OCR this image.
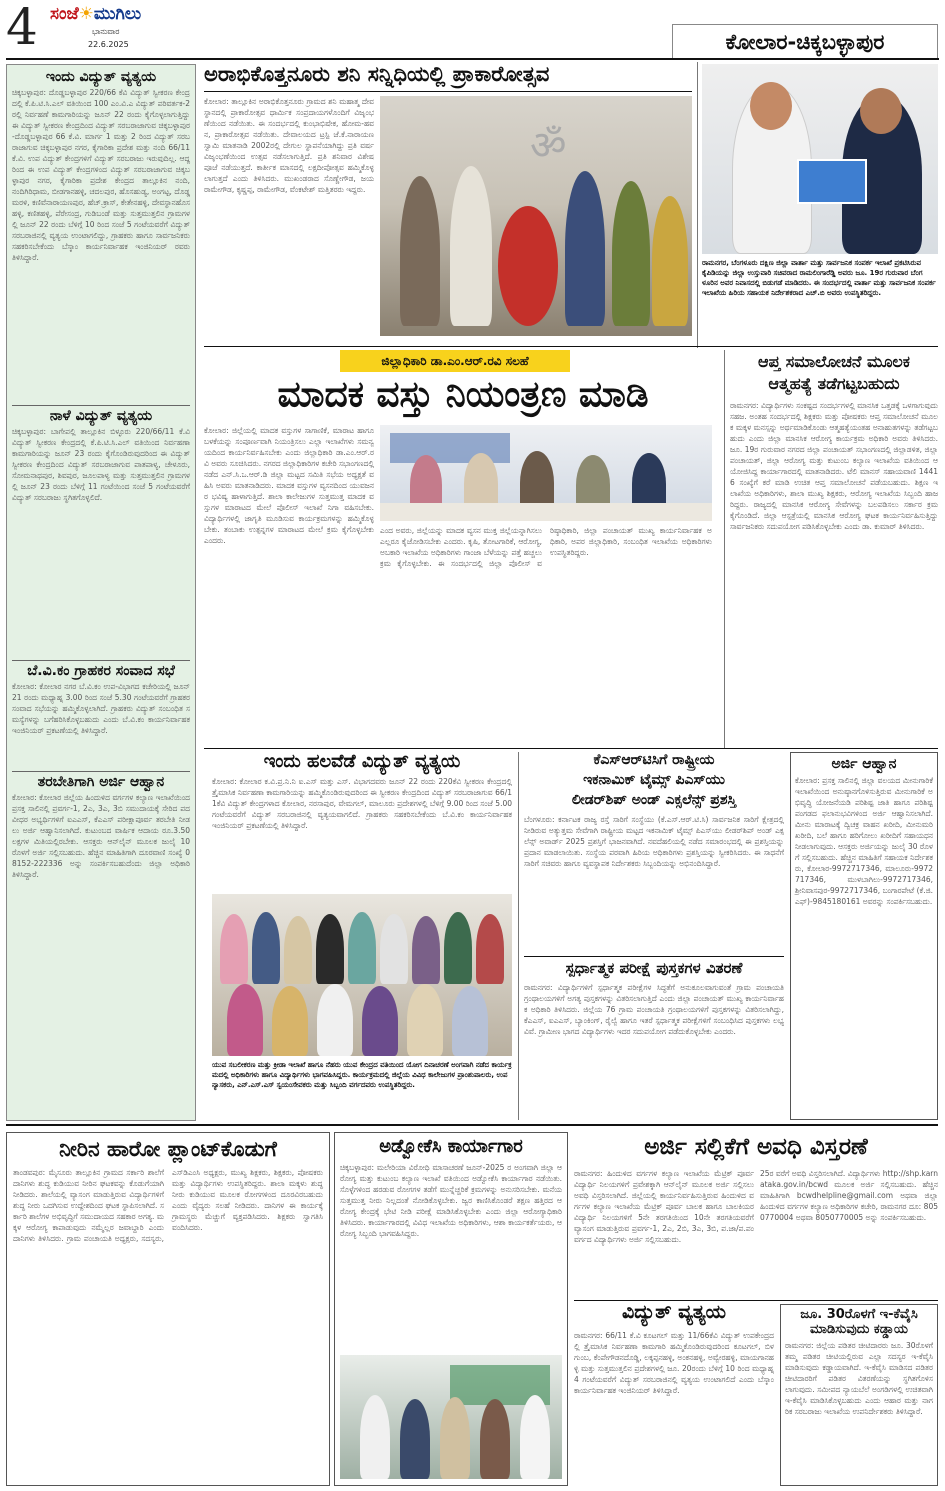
4 ಸಂಜೆ☀ಮುಗಿಲು
ಭಾನುವಾರ
22.6.2025	ಕೋಲಾರ-ಚಿಕ್ಕಬಳ್ಳಾಪುರ
ಇಂದು ವಿದ್ಯುತ್ ವ್ಯತ್ಯಯ
ಚಿಕ್ಕಬಳ್ಳಾಪುರ: ದೊಡ್ಡಬಳ್ಳಾಪುರ 220/66 ಕೆವಿ ವಿದ್ಯುತ್ ಸ್ವೀಕರಣ ಕೇಂದ್ರದಲ್ಲಿ ಕೆ.ಪಿ.ಟಿ.ಸಿ.ಎಲ್ ವತಿಯಿಂದ 100 ಎಂ.ವಿ.ಎ ವಿದ್ಯುತ್ ಪರಿವರ್ತಕ-2 ರಲ್ಲಿ ನಿರ್ವಹಣೆ ಕಾಮಗಾರಿಯನ್ನು ಜೂನ್ 22 ರಂದು ಕೈಗೊಳ್ಳಲಾಗುತ್ತಿದ್ದು ಈ ವಿದ್ಯುತ್ ಸ್ವೀಕರಣ ಕೇಂದ್ರದಿಂದ ವಿದ್ಯುತ್ ಸರಬರಾಜಾಗುವ ಚಿಕ್ಕಬಳ್ಳಾಪುರ-ದೊಡ್ಡಬಳ್ಳಾಪುರ 66 ಕೆ.ವಿ. ಮಾರ್ಗ 1 ಮತ್ತು 2 ರಿಂದ ವಿದ್ಯುತ್ ಸರಬರಾಜಾಗುವ ಚಿಕ್ಕಬಳ್ಳಾಪುರ ನಗರ, ಕೈಗಾರಿಕಾ ಪ್ರದೇಶ ಮತ್ತು ನಂದಿ 66/11 ಕೆ.ವಿ. ಉಪ ವಿದ್ಯುತ್ ಕೇಂದ್ರಗಳಿಗೆ ವಿದ್ಯುತ್ ಸರಬರಾಜು ಇರುವುದಿಲ್ಲ. ಆದ್ದರಿಂದ ಈ ಉಪ ವಿದ್ಯುತ್ ಕೇಂದ್ರಗಳಿಂದ ವಿದ್ಯುತ್ ಸರಬರಾಜಾಗುವ ಚಿಕ್ಕಬಳ್ಳಾಪುರ ನಗರ, ಕೈಗಾರಿಕಾ ಪ್ರದೇಶ ಕೇಂದ್ರದ ತಾಲ್ಲೂಕಿನ ನಂದಿ, ನಂದಿಗಿರಿಧಾಮ, ಬೀಡಗಾನಹಳ್ಳಿ, ಚದಲಪುರ, ಹೊಸಹುಡ್ಯ, ಅಂಗಟ್ಟ, ದೊಡ್ಡಮರಳಿ, ಕಣಿವೆನಾರಾಯಣಪುರ, ಹೆಚ್.ಕ್ರಾಸ್, ಕೇತೇನಹಳ್ಳಿ, ದೇವಸ್ಥಾನಹೊಸಹಳ್ಳಿ, ಕಣಿತಹಳ್ಳಿ, ಪೆರೇಸಂದ್ರ, ಗುಡಿಬಂಡೆ ಮತ್ತು ಸುತ್ತಮುತ್ತಲಿನ ಗ್ರಾಮಗಳಲ್ಲಿ ಜೂನ್ 22 ರಂದು ಬೆಳಿಗ್ಗೆ 10 ರಿಂದ ಸಂಜೆ 5 ಗಂಟೆಯವರೆಗೆ ವಿದ್ಯುತ್ ಸರಬರಾಜಿನಲ್ಲಿ ವ್ಯತ್ಯಯ ಉಂಟಾಗಲಿದ್ದು, ಗ್ರಾಹಕರು ಹಾಗೂ ಸಾರ್ವಜನಿಕರು ಸಹಕರಿಸಬೇಕೆಂದು ಬೆಸ್ಕಾಂ ಕಾರ್ಯನಿರ್ವಾಹಕ ಇಂಜಿನಿಯರ್ ರವರು ತಿಳಿಸಿದ್ದಾರೆ.
ನಾಳೆ ವಿದ್ಯುತ್ ವ್ಯತ್ಯಯ
ಚಿಕ್ಕಬಳ್ಳಾಪುರ: ಬಾಗೇಪಲ್ಲಿ ತಾಲ್ಲೂಕಿನ ಬಿಳ್ಳೂರು 220/66/11 ಕೆ.ವಿ ವಿದ್ಯುತ್ ಸ್ವೀಕರಣ ಕೇಂದ್ರದಲ್ಲಿ ಕೆ.ಪಿ.ಟಿ.ಸಿ.ಎಲ್ ವತಿಯಿಂದ ನಿರ್ವಹಣಾ ಕಾಮಗಾರಿಯನ್ನು ಜೂನ್ 23 ರಂದು ಕೈಗೊಂಡಿರುವುದರಿಂದ ಈ ವಿದ್ಯುತ್ ಸ್ವೀಕರಣ ಕೇಂದ್ರದಿಂದ ವಿದ್ಯುತ್ ಸರಬರಾಜಾಗುವ ಪಾತಪಾಳ್ಯ, ಚೇಳೂರು, ಸೋಮನಾಥಪುರ, ಶಿವಪುರ, ಜೂಲಪಾಳ್ಯ ಮತ್ತು ಸುತ್ತಮುತ್ತಲಿನ ಗ್ರಾಮಗಳಲ್ಲಿ ಜೂನ್ 23 ರಂದು ಬೆಳಿಗ್ಗೆ 11 ಗಂಟೆಯಿಂದ ಸಂಜೆ 5 ಗಂಟೆಯವರೆಗೆ ವಿದ್ಯುತ್ ಸರಬರಾಜು ಸ್ಥಗಿತಗೊಳ್ಳಲಿದೆ.
ಬೆ.ವಿ.ಕಂ ಗ್ರಾಹಕರ ಸಂವಾದ ಸಭೆ
ಕೋಲಾರ: ಕೋಲಾರ ನಗರ ಬೆ.ವಿ.ಕಂ ಉಪ-ವಿಭಾಗದ ಕಚೇರಿಯಲ್ಲಿ ಜೂನ್ 21 ರಂದು ಮಧ್ಯಾಹ್ನ 3.00 ರಿಂದ ಸಂಜೆ 5.30 ಗಂಟೆಯವರೆಗೆ ಗ್ರಾಹಕರ ಸಂವಾದ ಸಭೆಯನ್ನು ಹಮ್ಮಿಕೊಳ್ಳಲಾಗಿದೆ. ಗ್ರಾಹಕರು ವಿದ್ಯುತ್ ಸಂಬಂಧಿತ ಸಮಸ್ಯೆಗಳನ್ನು ಬಗೆಹರಿಸಿಕೊಳ್ಳಬಹುದು ಎಂದು ಬೆ.ವಿ.ಕಂ ಕಾರ್ಯನಿರ್ವಾಹಕ ಇಂಜಿನಿಯರ್ ಪ್ರಕಟಣೆಯಲ್ಲಿ ತಿಳಿಸಿದ್ದಾರೆ.
ತರಬೇತಿಗಾಗಿ ಅರ್ಜಿ ಆಹ್ವಾನ
ಕೋಲಾರ: ಕೋಲಾರ ಜಿಲ್ಲೆಯ ಹಿಂದುಳಿದ ವರ್ಗಗಳ ಕಲ್ಯಾಣ ಇಲಾಖೆಯಿಂದ ಪ್ರಸಕ್ತ ಸಾಲಿನಲ್ಲಿ ಪ್ರವರ್ಗ-1, 2ಎ, 3ಎ, 3ಬಿ ಸಮುದಾಯಕ್ಕೆ ಸೇರಿದ ಪದವೀಧರ ಅಭ್ಯರ್ಥಿಗಳಿಗೆ ಐಎಎಸ್, ಕೆಎಎಸ್ ಪರೀಕ್ಷಾಪೂರ್ವ ತರಬೇತಿ ನೀಡಲು ಅರ್ಜಿ ಆಹ್ವಾನಿಸಲಾಗಿದೆ. ಕುಟುಂಬದ ವಾರ್ಷಿಕ ಆದಾಯ ರೂ.3.50 ಲಕ್ಷಗಳ ಮಿತಿಯಲ್ಲಿರಬೇಕು. ಆಸಕ್ತರು ಆನ್‌ಲೈನ್ ಮೂಲಕ ಜುಲೈ 10 ರೊಳಗೆ ಅರ್ಜಿ ಸಲ್ಲಿಸಬಹುದು. ಹೆಚ್ಚಿನ ಮಾಹಿತಿಗಾಗಿ ದೂರವಾಣಿ ಸಂಖ್ಯೆ 08152-222336 ಅನ್ನು ಸಂಪರ್ಕಿಸಬಹುದೆಂದು ಜಿಲ್ಲಾ ಅಧಿಕಾರಿ ತಿಳಿಸಿದ್ದಾರೆ.
ಅರಾಭಿಕೊತ್ತನೂರು ಶನಿ ಸನ್ನಿಧಿಯಲ್ಲಿ ಪ್ರಾಕಾರೋತ್ಸವ
ಕೋಲಾರ: ತಾಲ್ಲೂಕಿನ ಅರಾಭಿಕೊತ್ತನೂರು ಗ್ರಾಮದ ಶನಿ ಮಹಾತ್ಮ ದೇವಸ್ಥಾನದಲ್ಲಿ ಪ್ರಾಕಾರೋತ್ಸವ ಧಾರ್ಮಿಕ ಸಂಪ್ರದಾಯಗಳೊಂದಿಗೆ ವಿಜೃಂಭಣೆಯಿಂದ ನಡೆಯಿತು. ಈ ಸಂದರ್ಭದಲ್ಲಿ ಕುಂಭಾಭಿಷೇಕ, ಹೋಮ-ಹವನ, ಪ್ರಾಕಾರೋತ್ಸವ ನಡೆಯಿತು. ದೇವಾಲಯದ ಟ್ರಸ್ಟಿ ಜೆ.ಕೆ.ನಾರಾಯಣಸ್ವಾಮಿ ಮಾತನಾಡಿ 2002ರಲ್ಲಿ ದೇಗುಲ ಸ್ಥಾಪನೆಯಾಗಿದ್ದು ಪ್ರತಿ ವರ್ಷ ವಿಜೃಂಭಣೆಯಿಂದ ಉತ್ಸವ ನಡೆಸಲಾಗುತ್ತಿದೆ. ಪ್ರತಿ ಶನಿವಾರ ವಿಶೇಷ ಪೂಜೆ ನಡೆಯುತ್ತದೆ. ಕಾರ್ತೀಕ ಮಾಸದಲ್ಲಿ ಲಕ್ಷದೀಪೋತ್ಸವ ಹಮ್ಮಿಕೊಳ್ಳಲಾಗುತ್ತದೆ ಎಂದು ತಿಳಿಸಿದರು. ಮುಖಂಡರಾದ ಸೊಣ್ಣೇಗೌಡ, ಜಯರಾಮೇಗೌಡ, ಕೃಷ್ಣಪ್ಪ, ರಾಮೇಗೌಡ, ವೆಂಕಟೇಶ್ ಮತ್ತಿತರರು ಇದ್ದರು.
ॐ
ರಾಮನಗರ, ಬೆಂಗಳೂರು ದಕ್ಷಿಣ ಜಿಲ್ಲಾ ವಾರ್ತಾ ಮತ್ತು ಸಾರ್ವಜನಿಕ ಸಂಪರ್ಕ ಇಲಾಖೆ ಪ್ರಕಟಿಸಿರುವ ಕೈಪಿಡಿಯನ್ನು ಜಿಲ್ಲಾ ಉಸ್ತುವಾರಿ ಸಚಿವರಾದ ರಾಮಲಿಂಗಾರೆಡ್ಡಿ ಅವರು ಜೂ. 19ರ ಗುರುವಾರ ಬೆಂಗಳೂರಿನ ಅವರ ನಿವಾಸದಲ್ಲಿ ಬಿಡುಗಡೆ ಮಾಡಿದರು. ಈ ಸಂದರ್ಭದಲ್ಲಿ ವಾರ್ತಾ ಮತ್ತು ಸಾರ್ವಜನಿಕ ಸಂಪರ್ಕ ಇಲಾಖೆಯ ಹಿರಿಯ ಸಹಾಯಕ ನಿರ್ದೇಶಕರಾದ ಎಚ್.ಬಿ ಅವರು ಉಪಸ್ಥಿತರಿದ್ದರು.
ಜಿಲ್ಲಾಧಿಕಾರಿ ಡಾ.ಎಂ.ಆರ್.ರವಿ ಸಲಹೆ
ಮಾದಕ ವಸ್ತು ನಿಯಂತ್ರಣ ಮಾಡಿ
ಕೋಲಾರ: ಜಿಲ್ಲೆಯಲ್ಲಿ ಮಾದಕ ವಸ್ತುಗಳ ಸಾಗಾಣಿಕೆ, ಮಾರಾಟ ಹಾಗೂ ಬಳಕೆಯನ್ನು ಸಂಪೂರ್ಣವಾಗಿ ನಿಯಂತ್ರಿಸಲು ಎಲ್ಲಾ ಇಲಾಖೆಗಳು ಸಮನ್ವಯದಿಂದ ಕಾರ್ಯನಿರ್ವಹಿಸಬೇಕು ಎಂದು ಜಿಲ್ಲಾಧಿಕಾರಿ ಡಾ.ಎಂ.ಆರ್.ರವಿ ಅವರು ಸೂಚಿಸಿದರು. ನಗರದ ಜಿಲ್ಲಾಧಿಕಾರಿಗಳ ಕಚೇರಿ ಸಭಾಂಗಣದಲ್ಲಿ ನಡೆದ ಎನ್.ಸಿ.ಒ.ಆರ್.ಡಿ ಜಿಲ್ಲಾ ಮಟ್ಟದ ಸಮಿತಿ ಸಭೆಯ ಅಧ್ಯಕ್ಷತೆ ವಹಿಸಿ ಅವರು ಮಾತನಾಡಿದರು. ಮಾದಕ ವಸ್ತುಗಳ ವ್ಯಸನದಿಂದ ಯುವಜನರ ಭವಿಷ್ಯ ಹಾಳಾಗುತ್ತಿದೆ. ಶಾಲಾ ಕಾಲೇಜುಗಳ ಸುತ್ತಮುತ್ತ ಮಾದಕ ವಸ್ತುಗಳ ಮಾರಾಟದ ಮೇಲೆ ಪೊಲೀಸ್ ಇಲಾಖೆ ನಿಗಾ ವಹಿಸಬೇಕು. ವಿದ್ಯಾರ್ಥಿಗಳಲ್ಲಿ ಜಾಗೃತಿ ಮೂಡಿಸುವ ಕಾರ್ಯಕ್ರಮಗಳನ್ನು ಹಮ್ಮಿಕೊಳ್ಳಬೇಕು. ತಂಬಾಕು ಉತ್ಪನ್ನಗಳ ಮಾರಾಟದ ಮೇಲೆ ಕ್ರಮ ಕೈಗೊಳ್ಳಬೇಕು ಎಂದರು.
ಎಂದ ಅವರು, ಜಿಲ್ಲೆಯನ್ನು ಮಾದಕ ವ್ಯಸನ ಮುಕ್ತ ಜಿಲ್ಲೆಯನ್ನಾಗಿಸಲು ಎಲ್ಲರೂ ಕೈಜೋಡಿಸಬೇಕು ಎಂದರು. ಕೃಷಿ, ತೋಟಗಾರಿಕೆ, ಆರೋಗ್ಯ, ಅಬಕಾರಿ ಇಲಾಖೆಯ ಅಧಿಕಾರಿಗಳು ಗಾಂಜಾ ಬೆಳೆಯನ್ನು ಪತ್ತೆ ಹಚ್ಚಲು ಕ್ರಮ ಕೈಗೊಳ್ಳಬೇಕು. ಈ ಸಂದರ್ಭದಲ್ಲಿ ಜಿಲ್ಲಾ ಪೊಲೀಸ್ ವರಿಷ್ಠಾಧಿಕಾರಿ, ಜಿಲ್ಲಾ ಪಂಚಾಯತ್ ಮುಖ್ಯ ಕಾರ್ಯನಿರ್ವಾಹಕ ಅಧಿಕಾರಿ, ಅಪರ ಜಿಲ್ಲಾಧಿಕಾರಿ, ಸಂಬಂಧಿತ ಇಲಾಖೆಯ ಅಧಿಕಾರಿಗಳು ಉಪಸ್ಥಿತರಿದ್ದರು.
ಆಪ್ತ ಸಮಾಲೋಚನೆ ಮೂಲಕ
ಆತ್ಮಹತ್ಯೆ ತಡೆಗಟ್ಟಬಹುದು
ರಾಮನಗರ: ವಿದ್ಯಾರ್ಥಿಗಳು ಸಂಕಷ್ಟದ ಸಂದರ್ಭಗಳಲ್ಲಿ ಮಾನಸಿಕ ಒತ್ತಡಕ್ಕೆ ಒಳಗಾಗುವುದು ಸಹಜ. ಅಂತಹ ಸಂದರ್ಭದಲ್ಲಿ ಶಿಕ್ಷಕರು ಮತ್ತು ಪೋಷಕರು ಆಪ್ತ ಸಮಾಲೋಚನೆ ಮೂಲಕ ಮಕ್ಕಳ ಮನಸ್ಸನ್ನು ಅರ್ಥಮಾಡಿಕೊಂಡು ಆತ್ಮಹತ್ಯೆಯಂತಹ ಅನಾಹುತಗಳನ್ನು ತಡೆಗಟ್ಟಬಹುದು ಎಂದು ಜಿಲ್ಲಾ ಮಾನಸಿಕ ಆರೋಗ್ಯ ಕಾರ್ಯಕ್ರಮ ಅಧಿಕಾರಿ ಅವರು ತಿಳಿಸಿದರು. ಜೂ. 19ರ ಗುರುವಾರ ನಗರದ ಜಿಲ್ಲಾ ಪಂಚಾಯತ್ ಸಭಾಂಗಣದಲ್ಲಿ ಜಿಲ್ಲಾಡಳಿತ, ಜಿಲ್ಲಾ ಪಂಚಾಯತ್, ಜಿಲ್ಲಾ ಆರೋಗ್ಯ ಮತ್ತು ಕುಟುಂಬ ಕಲ್ಯಾಣ ಇಲಾಖೆಯ ವತಿಯಿಂದ ಆಯೋಜಿಸಿದ್ದ ಕಾರ್ಯಾಗಾರದಲ್ಲಿ ಮಾತನಾಡಿದರು. ಟೆಲಿ ಮಾನಸ್ ಸಹಾಯವಾಣಿ 14416 ಸಂಖ್ಯೆಗೆ ಕರೆ ಮಾಡಿ ಉಚಿತ ಆಪ್ತ ಸಮಾಲೋಚನೆ ಪಡೆಯಬಹುದು. ಶಿಕ್ಷಣ ಇಲಾಖೆಯ ಅಧಿಕಾರಿಗಳು, ಶಾಲಾ ಮುಖ್ಯ ಶಿಕ್ಷಕರು, ಆರೋಗ್ಯ ಇಲಾಖೆಯ ಸಿಬ್ಬಂದಿ ಹಾಜರಿದ್ದರು. ರಾಜ್ಯದಲ್ಲಿ ಮಾನಸಿಕ ಆರೋಗ್ಯ ಸೇವೆಗಳನ್ನು ಬಲಪಡಿಸಲು ಸರ್ಕಾರ ಕ್ರಮ ಕೈಗೊಂಡಿದೆ. ಜಿಲ್ಲಾ ಆಸ್ಪತ್ರೆಯಲ್ಲಿ ಮಾನಸಿಕ ಆರೋಗ್ಯ ಘಟಕ ಕಾರ್ಯನಿರ್ವಹಿಸುತ್ತಿದ್ದು ಸಾರ್ವಜನಿಕರು ಸದುಪಯೋಗ ಪಡಿಸಿಕೊಳ್ಳಬೇಕು ಎಂದು ಡಾ. ಕುಮಾರ್ ತಿಳಿಸಿದರು.
ಇಂದು ಹಲವೆಡೆ ವಿದ್ಯುತ್ ವ್ಯತ್ಯಯ
ಕೋಲಾರ: ಕೋಲಾರ ಕ.ವಿ.ಪ್ರ.ನಿ.ನಿ ಐ.ಎಸ್ ಮತ್ತು ಎಸ್. ವಿಭಾಗದವರು ಜೂನ್ 22 ರಂದು 220ಕೆವಿ ಸ್ವೀಕರಣ ಕೇಂದ್ರದಲ್ಲಿ ತ್ರೈಮಾಸಿಕ ನಿರ್ವಹಣಾ ಕಾಮಗಾರಿಯನ್ನು ಹಮ್ಮಿಕೊಂಡಿರುವುದರಿಂದ ಈ ಸ್ವೀಕರಣ ಕೇಂದ್ರದಿಂದ ವಿದ್ಯುತ್ ಸರಬರಾಜಾಗುವ 66/11ಕೆವಿ ವಿದ್ಯುತ್ ಕೇಂದ್ರಗಳಾದ ಕೋಲಾರ, ನರಸಾಪುರ, ವೇಮಗಲ್, ಮಾಲೂರು ಪ್ರದೇಶಗಳಲ್ಲಿ ಬೆಳಿಗ್ಗೆ 9.00 ರಿಂದ ಸಂಜೆ 5.00 ಗಂಟೆಯವರೆಗೆ ವಿದ್ಯುತ್ ಸರಬರಾಜಿನಲ್ಲಿ ವ್ಯತ್ಯಯವಾಗಲಿದೆ. ಗ್ರಾಹಕರು ಸಹಕರಿಸಬೇಕೆಂದು ಬೆ.ವಿ.ಕಂ ಕಾರ್ಯನಿರ್ವಾಹಕ ಇಂಜಿನಿಯರ್ ಪ್ರಕಟಣೆಯಲ್ಲಿ ತಿಳಿಸಿದ್ದಾರೆ.
ಯುವ ಸಬಲೀಕರಣ ಮತ್ತು ಕ್ರೀಡಾ ಇಲಾಖೆ ಹಾಗೂ ನೆಹರು ಯುವ ಕೇಂದ್ರದ ವತಿಯಿಂದ ಯೋಗ ದಿನಾಚರಣೆ ಅಂಗವಾಗಿ ನಡೆದ ಕಾರ್ಯಕ್ರಮದಲ್ಲಿ ಅಧಿಕಾರಿಗಳು ಹಾಗೂ ವಿದ್ಯಾರ್ಥಿಗಳು ಭಾಗವಹಿಸಿದ್ದರು. ಕಾರ್ಯಕ್ರಮದಲ್ಲಿ ಜಿಲ್ಲೆಯ ವಿವಿಧ ಕಾಲೇಜುಗಳ ಪ್ರಾಂಶುಪಾಲರು, ಉಪನ್ಯಾಸಕರು, ಎನ್.ಎಸ್.ಎಸ್ ಸ್ವಯಂಸೇವಕರು ಮತ್ತು ಸಿಬ್ಬಂದಿ ವರ್ಗದವರು ಉಪಸ್ಥಿತರಿದ್ದರು.
ಕೆಎಸ್‌ಆರ್‌ಟಿಸಿಗೆ ರಾಷ್ಟ್ರೀಯ
ಇಕನಾಮಿಕ್ ಟೈಮ್ಸ್ ಪಿಎಸ್‌ಯು
ಲೀಡರ್‌ಶಿಪ್ ಅಂಡ್ ಎಕ್ಸಲೆನ್ಸ್ ಪ್ರಶಸ್ತಿ
ಬೆಂಗಳೂರು: ಕರ್ನಾಟಕ ರಾಜ್ಯ ರಸ್ತೆ ಸಾರಿಗೆ ಸಂಸ್ಥೆಯು (ಕೆ.ಎಸ್.ಆರ್.ಟಿ.ಸಿ) ಸಾರ್ವಜನಿಕ ಸಾರಿಗೆ ಕ್ಷೇತ್ರದಲ್ಲಿ ನೀಡಿರುವ ಅತ್ಯುತ್ತಮ ಸೇವೆಗಾಗಿ ರಾಷ್ಟ್ರೀಯ ಮಟ್ಟದ ಇಕನಾಮಿಕ್ ಟೈಮ್ಸ್ ಪಿಎಸ್‌ಯು ಲೀಡರ್‌ಶಿಪ್ ಅಂಡ್ ಎಕ್ಸಲೆನ್ಸ್ ಅವಾರ್ಡ್ 2025 ಪ್ರಶಸ್ತಿಗೆ ಭಾಜನವಾಗಿದೆ. ನವದೆಹಲಿಯಲ್ಲಿ ನಡೆದ ಸಮಾರಂಭದಲ್ಲಿ ಈ ಪ್ರಶಸ್ತಿಯನ್ನು ಪ್ರದಾನ ಮಾಡಲಾಯಿತು. ಸಂಸ್ಥೆಯ ಪರವಾಗಿ ಹಿರಿಯ ಅಧಿಕಾರಿಗಳು ಪ್ರಶಸ್ತಿಯನ್ನು ಸ್ವೀಕರಿಸಿದರು. ಈ ಸಾಧನೆಗೆ ಸಾರಿಗೆ ಸಚಿವರು ಹಾಗೂ ವ್ಯವಸ್ಥಾಪಕ ನಿರ್ದೇಶಕರು ಸಿಬ್ಬಂದಿಯನ್ನು ಅಭಿನಂದಿಸಿದ್ದಾರೆ.
ಸ್ಪರ್ಧಾತ್ಮಕ ಪರೀಕ್ಷೆ ಪುಸ್ತಕಗಳ ವಿತರಣೆ
ರಾಮನಗರ: ವಿದ್ಯಾರ್ಥಿಗಳಿಗೆ ಸ್ಪರ್ಧಾತ್ಮಕ ಪರೀಕ್ಷೆಗಳ ಸಿದ್ಧತೆಗೆ ಅನುಕೂಲವಾಗುವಂತೆ ಗ್ರಾಮ ಪಂಚಾಯತಿ ಗ್ರಂಥಾಲಯಗಳಿಗೆ ಅಗತ್ಯ ಪುಸ್ತಕಗಳನ್ನು ವಿತರಿಸಲಾಗುತ್ತಿದೆ ಎಂದು ಜಿಲ್ಲಾ ಪಂಚಾಯತ್ ಮುಖ್ಯ ಕಾರ್ಯನಿರ್ವಾಹಕ ಅಧಿಕಾರಿ ತಿಳಿಸಿದರು. ಜಿಲ್ಲೆಯ 76 ಗ್ರಾಮ ಪಂಚಾಯತಿ ಗ್ರಂಥಾಲಯಗಳಿಗೆ ಪುಸ್ತಕಗಳನ್ನು ವಿತರಿಸಲಾಗಿದ್ದು, ಕೆಎಎಸ್, ಐಎಎಸ್, ಬ್ಯಾಂಕಿಂಗ್, ರೈಲ್ವೆ ಹಾಗೂ ಇತರೆ ಸ್ಪರ್ಧಾತ್ಮಕ ಪರೀಕ್ಷೆಗಳಿಗೆ ಸಂಬಂಧಿಸಿದ ಪುಸ್ತಕಗಳು ಲಭ್ಯವಿವೆ. ಗ್ರಾಮೀಣ ಭಾಗದ ವಿದ್ಯಾರ್ಥಿಗಳು ಇದರ ಸದುಪಯೋಗ ಪಡೆದುಕೊಳ್ಳಬೇಕು ಎಂದರು.
ಅರ್ಜಿ ಆಹ್ವಾನ
ಕೋಲಾರ: ಪ್ರಸಕ್ತ ಸಾಲಿನಲ್ಲಿ ಜಿಲ್ಲಾ ವಲಯದ ಮೀನುಗಾರಿಕೆ ಇಲಾಖೆಯಿಂದ ಅನುಷ್ಠಾನಗೊಳಿಸುತ್ತಿರುವ ಮೀನುಗಾರಿಕೆ ಅಭಿವೃದ್ಧಿ ಯೋಜನೆಯಡಿ ಪರಿಶಿಷ್ಟ ಜಾತಿ ಹಾಗೂ ಪರಿಶಿಷ್ಟ ಪಂಗಡದ ಫಲಾನುಭವಿಗಳಿಂದ ಅರ್ಜಿ ಆಹ್ವಾನಿಸಲಾಗಿದೆ. ಮೀನು ಮಾರಾಟಕ್ಕೆ ದ್ವಿಚಕ್ರ ವಾಹನ ಖರೀದಿ, ಮೀನುಮರಿ ಖರೀದಿ, ಬಲೆ ಹಾಗೂ ಹರಿಗೋಲು ಖರೀದಿಗೆ ಸಹಾಯಧನ ನೀಡಲಾಗುವುದು. ಆಸಕ್ತರು ಅರ್ಜಿಯನ್ನು ಜುಲೈ 30 ರೊಳಗೆ ಸಲ್ಲಿಸಬಹುದು. ಹೆಚ್ಚಿನ ಮಾಹಿತಿಗೆ ಸಹಾಯಕ ನಿರ್ದೇಶಕರು, ಕೋಲಾರ-9972717346, ಮಾಲೂರು-9972717346, ಮುಳಬಾಗಿಲು-9972717346, ಶ್ರೀನಿವಾಸಪುರ-9972717346, ಬಂಗಾರಪೇಟೆ (ಕೆ.ಜಿ.ಎಫ್)-9845180161 ಅವರನ್ನು ಸಂಪರ್ಕಿಸಬಹುದು.
ನೀರಿನ ಹಾರೋ ಪ್ಲಾಂಟ್‌ಕೊಡುಗೆ
ತಾಂಡವಪುರ: ಮೈಸೂರು ತಾಲ್ಲೂಕಿನ ಗ್ರಾಮದ ಸರ್ಕಾರಿ ಶಾಲೆಗೆ ದಾನಿಗಳು ಶುದ್ಧ ಕುಡಿಯುವ ನೀರಿನ ಘಟಕವನ್ನು ಕೊಡುಗೆಯಾಗಿ ನೀಡಿದರು. ಶಾಲೆಯಲ್ಲಿ ವ್ಯಾಸಂಗ ಮಾಡುತ್ತಿರುವ ವಿದ್ಯಾರ್ಥಿಗಳಿಗೆ ಶುದ್ಧ ನೀರು ಒದಗಿಸುವ ಉದ್ದೇಶದಿಂದ ಘಟಕ ಸ್ಥಾಪಿಸಲಾಗಿದೆ. ಸರ್ಕಾರಿ ಶಾಲೆಗಳ ಅಭಿವೃದ್ಧಿಗೆ ಸಮುದಾಯದ ಸಹಕಾರ ಅಗತ್ಯ. ಮಕ್ಕಳ ಆರೋಗ್ಯ ಕಾಪಾಡುವುದು ನಮ್ಮೆಲ್ಲರ ಜವಾಬ್ದಾರಿ ಎಂದು ದಾನಿಗಳು ತಿಳಿಸಿದರು. ಗ್ರಾಮ ಪಂಚಾಯತಿ ಅಧ್ಯಕ್ಷರು, ಸದಸ್ಯರು, ಎಸ್‌ಡಿಎಂಸಿ ಅಧ್ಯಕ್ಷರು, ಮುಖ್ಯ ಶಿಕ್ಷಕರು, ಶಿಕ್ಷಕರು, ಪೋಷಕರು ಮತ್ತು ವಿದ್ಯಾರ್ಥಿಗಳು ಉಪಸ್ಥಿತರಿದ್ದರು. ಶಾಲಾ ಮಕ್ಕಳು ಶುದ್ಧ ನೀರು ಕುಡಿಯುವ ಮೂಲಕ ರೋಗಗಳಿಂದ ದೂರವಿರಬಹುದು ಎಂದು ವೈದ್ಯರು ಸಲಹೆ ನೀಡಿದರು. ದಾನಿಗಳ ಈ ಕಾರ್ಯಕ್ಕೆ ಗ್ರಾಮಸ್ಥರು ಮೆಚ್ಚುಗೆ ವ್ಯಕ್ತಪಡಿಸಿದರು. ಶಿಕ್ಷಕರು ಸ್ವಾಗತಿಸಿ ವಂದಿಸಿದರು.
ಅಡ್ವೋಕೆಸಿ ಕಾರ್ಯಾಗಾರ
ಚಿಕ್ಕಬಳ್ಳಾಪುರ: ಮಲೇರಿಯಾ ವಿರೋಧಿ ಮಾಸಾಚರಣೆ ಜೂನ್-2025 ರ ಅಂಗವಾಗಿ ಜಿಲ್ಲಾ ಆರೋಗ್ಯ ಮತ್ತು ಕುಟುಂಬ ಕಲ್ಯಾಣ ಇಲಾಖೆ ವತಿಯಿಂದ ಅಡ್ವೋಕೆಸಿ ಕಾರ್ಯಾಗಾರ ನಡೆಯಿತು. ಸೊಳ್ಳೆಗಳಿಂದ ಹರಡುವ ರೋಗಗಳ ತಡೆಗೆ ಮುನ್ನೆಚ್ಚರಿಕೆ ಕ್ರಮಗಳನ್ನು ಅನುಸರಿಸಬೇಕು. ಮನೆಯ ಸುತ್ತಮುತ್ತ ನೀರು ನಿಲ್ಲದಂತೆ ನೋಡಿಕೊಳ್ಳಬೇಕು. ಜ್ವರ ಕಾಣಿಸಿಕೊಂಡರೆ ತಕ್ಷಣ ಹತ್ತಿರದ ಆರೋಗ್ಯ ಕೇಂದ್ರಕ್ಕೆ ಭೇಟಿ ನೀಡಿ ಪರೀಕ್ಷೆ ಮಾಡಿಸಿಕೊಳ್ಳಬೇಕು ಎಂದು ಜಿಲ್ಲಾ ಆರೋಗ್ಯಾಧಿಕಾರಿ ತಿಳಿಸಿದರು. ಕಾರ್ಯಾಗಾರದಲ್ಲಿ ವಿವಿಧ ಇಲಾಖೆಯ ಅಧಿಕಾರಿಗಳು, ಆಶಾ ಕಾರ್ಯಕರ್ತೆಯರು, ಆರೋಗ್ಯ ಸಿಬ್ಬಂದಿ ಭಾಗವಹಿಸಿದ್ದರು.
ಅರ್ಜಿ ಸಲ್ಲಿಕೆಗೆ ಅವಧಿ ವಿಸ್ತರಣೆ
ರಾಮನಗರ: ಹಿಂದುಳಿದ ವರ್ಗಗಳ ಕಲ್ಯಾಣ ಇಲಾಖೆಯ ಮೆಟ್ರಿಕ್ ಪೂರ್ವ ವಿದ್ಯಾರ್ಥಿ ನಿಲಯಗಳಿಗೆ ಪ್ರವೇಶಕ್ಕಾಗಿ ಆನ್‌ಲೈನ್ ಮೂಲಕ ಅರ್ಜಿ ಸಲ್ಲಿಸಲು ಅವಧಿ ವಿಸ್ತರಿಸಲಾಗಿದೆ. ಜಿಲ್ಲೆಯಲ್ಲಿ ಕಾರ್ಯನಿರ್ವಹಿಸುತ್ತಿರುವ ಹಿಂದುಳಿದ ವರ್ಗಗಳ ಕಲ್ಯಾಣ ಇಲಾಖೆಯ ಮೆಟ್ರಿಕ್ ಪೂರ್ವ ಬಾಲಕ ಹಾಗೂ ಬಾಲಕಿಯರ ವಿದ್ಯಾರ್ಥಿ ನಿಲಯಗಳಿಗೆ 5ನೇ ತರಗತಿಯಿಂದ 10ನೇ ತರಗತಿಯವರೆಗೆ ವ್ಯಾಸಂಗ ಮಾಡುತ್ತಿರುವ ಪ್ರವರ್ಗ-1, 2ಎ, 2ಬಿ, 3ಎ, 3ಬಿ, ಪ.ಜಾ/ಪ.ಪಂ ವರ್ಗದ ವಿದ್ಯಾರ್ಥಿಗಳು ಅರ್ಜಿ ಸಲ್ಲಿಸಬಹುದು.
25ರ ವರೆಗೆ ಅವಧಿ ವಿಸ್ತರಿಸಲಾಗಿದೆ. ವಿದ್ಯಾರ್ಥಿಗಳು http://shp.karnataka.gov.in/bcwd ಮೂಲಕ ಅರ್ಜಿ ಸಲ್ಲಿಸಬಹುದು. ಹೆಚ್ಚಿನ ಮಾಹಿತಿಗಾಗಿ bcwdhelpline@gmail.com ಅಥವಾ ಜಿಲ್ಲಾ ಹಿಂದುಳಿದ ವರ್ಗಗಳ ಕಲ್ಯಾಣ ಅಧಿಕಾರಿಗಳ ಕಚೇರಿ, ರಾಮನಗರ ದೂ: 8050770004 ಅಥವಾ 8050770005 ಅನ್ನು ಸಂಪರ್ಕಿಸಬಹುದು.
ವಿದ್ಯುತ್ ವ್ಯತ್ಯಯ
ರಾಮನಗರ: 66/11 ಕೆ.ವಿ ಕೂಟಗಲ್ ಮತ್ತು 11/66ಕೆವಿ ವಿದ್ಯುತ್ ಉಪಕೇಂದ್ರದಲ್ಲಿ ತ್ರೈಮಾಸಿಕ ನಿರ್ವಹಣಾ ಕಾಮಗಾರಿ ಹಮ್ಮಿಕೊಂಡಿರುವುದರಿಂದ ಕೂಟಗಲ್, ಬಿಳಗುಂಬ, ಕೆಂಪೇಗೌಡನದೊಡ್ಡಿ, ಲಕ್ಕಪ್ಪನಹಳ್ಳಿ, ಅಂಕನಹಳ್ಳಿ, ಅವ್ವೇರಹಳ್ಳಿ, ಮಾಯಗಾನಹಳ್ಳಿ ಮತ್ತು ಸುತ್ತಮುತ್ತಲಿನ ಪ್ರದೇಶಗಳಲ್ಲಿ ಜೂ. 20ರಂದು ಬೆಳಿಗ್ಗೆ 10 ರಿಂದ ಮಧ್ಯಾಹ್ನ 4 ಗಂಟೆಯವರೆಗೆ ವಿದ್ಯುತ್ ಸರಬರಾಜಿನಲ್ಲಿ ವ್ಯತ್ಯಯ ಉಂಟಾಗಲಿದೆ ಎಂದು ಬೆಸ್ಕಾಂ ಕಾರ್ಯನಿರ್ವಾಹಕ ಇಂಜಿನಿಯರ್ ತಿಳಿಸಿದ್ದಾರೆ.
ಜೂ. 30ರೊಳಗೆ ಇ-ಕೆವೈಸಿ
ಮಾಡಿಸುವುದು ಕಡ್ಡಾಯ
ರಾಮನಗರ: ಜಿಲ್ಲೆಯ ಪಡಿತರ ಚೀಟಿದಾರರು ಜೂ. 30ರೊಳಗೆ ತಮ್ಮ ಪಡಿತರ ಚೀಟಿಯಲ್ಲಿರುವ ಎಲ್ಲಾ ಸದಸ್ಯರ ಇ-ಕೆವೈಸಿ ಮಾಡಿಸುವುದು ಕಡ್ಡಾಯವಾಗಿದೆ. ಇ-ಕೆವೈಸಿ ಮಾಡಿಸದ ಪಡಿತರ ಚೀಟಿದಾರರಿಗೆ ಪಡಿತರ ವಿತರಣೆಯನ್ನು ಸ್ಥಗಿತಗೊಳಿಸಲಾಗುವುದು. ಸಮೀಪದ ನ್ಯಾಯಬೆಲೆ ಅಂಗಡಿಗಳಲ್ಲಿ ಉಚಿತವಾಗಿ ಇ-ಕೆವೈಸಿ ಮಾಡಿಸಿಕೊಳ್ಳಬಹುದು ಎಂದು ಆಹಾರ ಮತ್ತು ನಾಗರಿಕ ಸರಬರಾಜು ಇಲಾಖೆಯ ಉಪನಿರ್ದೇಶಕರು ತಿಳಿಸಿದ್ದಾರೆ.
